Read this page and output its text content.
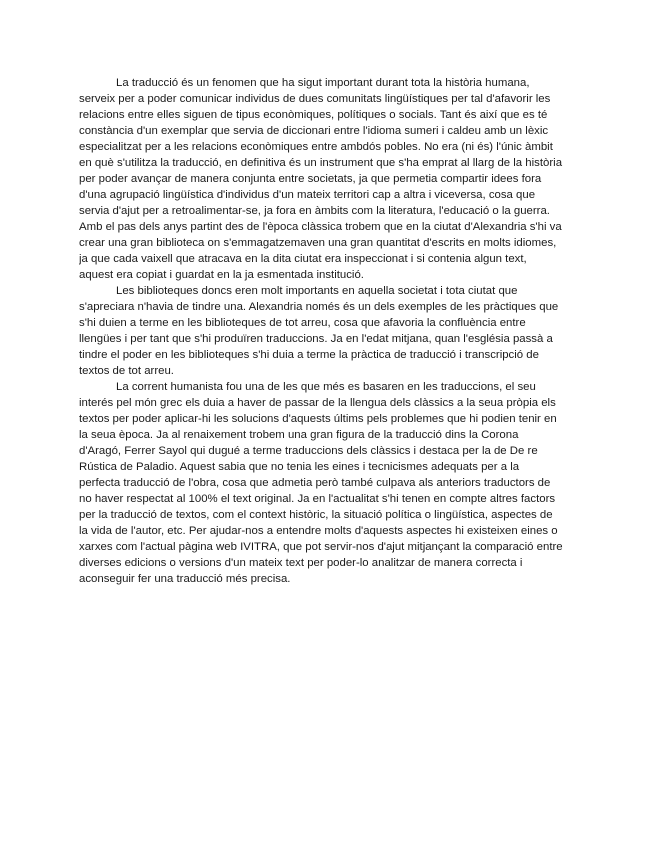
La traducció és un fenomen que ha sigut important durant tota la història humana,
serveix per a poder comunicar individus de dues comunitats lingüístiques per tal d'afavorir les
relacions entre elles siguen de tipus econòmiques, polítiques o socials. Tant és així que es té
constància d'un exemplar que servia de diccionari entre l'idioma sumeri i caldeu amb un lèxic
especialitzat per a les relacions econòmiques entre ambdós pobles. No era (ni és) l'únic àmbit
en què s'utilitza la traducció, en definitiva és un instrument que s'ha emprat al llarg de la història
per poder avançar de manera conjunta entre societats, ja que permetia compartir idees fora
d'una agrupació lingüística d'individus d'un mateix territori cap a altra i viceversa, cosa que
servia d'ajut per a retroalimentar-se, ja fora en àmbits com la literatura, l'educació o la guerra.
Amb el pas dels anys partint des de l'època clàssica trobem que en la ciutat d'Alexandria s'hi va
crear una gran biblioteca on s'emmagatzemaven una gran quantitat d'escrits en molts idiomes,
ja que cada vaixell que atracava en la dita ciutat era inspeccionat i si contenia algun text,
aquest era copiat i guardat en la ja esmentada institució.
Les biblioteques doncs eren molt importants en aquella societat i tota ciutat que
s'apreciara n'havia de tindre una. Alexandria només és un dels exemples de les pràctiques que
s'hi duien a terme en les biblioteques de tot arreu, cosa que afavoria la confluència entre
llengües i per tant que s'hi produïren traduccions. Ja en l'edat mitjana, quan l'església passà a
tindre el poder en les biblioteques s'hi duia a terme la pràctica de traducció i transcripció de
textos de tot arreu.
La corrent humanista fou una de les que més es basaren en les traduccions, el seu
interés pel món grec els duia a haver de passar de la llengua dels clàssics a la seua pròpia els
textos per poder aplicar-hi les solucions d'aquests últims pels problemes que hi podien tenir en
la seua època. Ja al renaixement trobem una gran figura de la traducció dins la Corona
d'Aragó, Ferrer Sayol qui dugué a terme traduccions dels clàssics i destaca per la de De re
Rústica de Paladio. Aquest sabia que no tenia les eines i tecnicismes adequats per a la
perfecta traducció de l'obra, cosa que admetia però també culpava als anteriors traductors de
no haver respectat al 100% el text original. Ja en l'actualitat s'hi tenen en compte altres factors
per la traducció de textos, com el context històric, la situació política o lingüística, aspectes de
la vida de l'autor, etc. Per ajudar-nos a entendre molts d'aquests aspectes hi existeixen eines o
xarxes com l'actual pàgina web IVITRA, que pot servir-nos d'ajut mitjançant la comparació entre
diverses edicions o versions d'un mateix text per poder-lo analitzar de manera correcta i
aconseguir fer una traducció més precisa.
